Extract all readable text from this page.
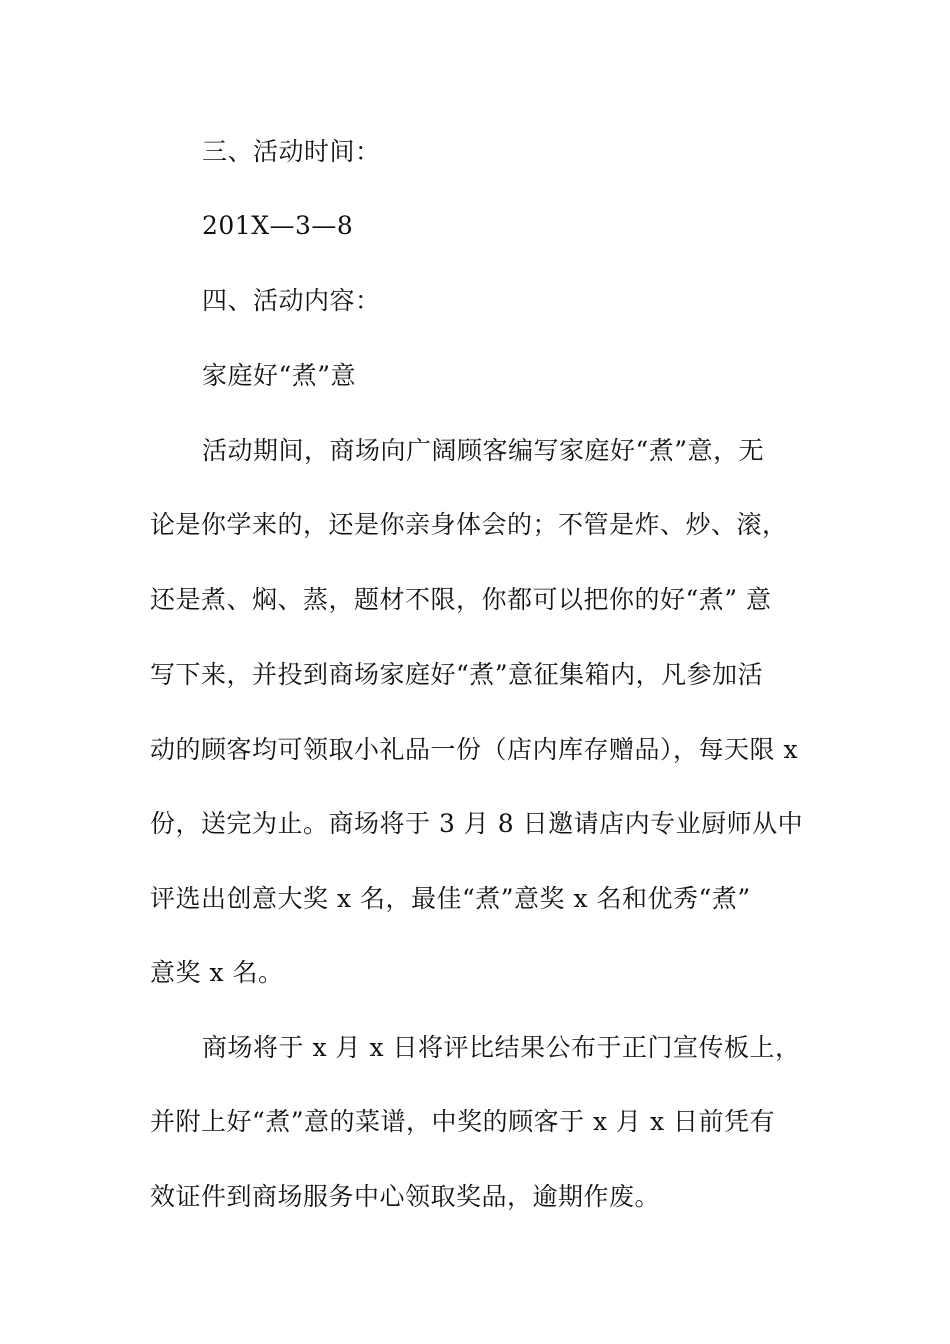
三、活动时间：
201X—3—8
四、活动内容：
家庭好“煮”意
活动期间，商场向广阔顾客编写家庭好“煮”意，无
论是你学来的，还是你亲身体会的；不管是炸、炒、滚，
还是煮、焖、蒸，题材不限，你都可以把你的好“煮” 意
写下来，并投到商场家庭好“煮”意征集箱内，凡参加活
动的顾客均可领取小礼品一份（店内库存赠品），每天限 x
份，送完为止。商场将于 3 月 8 日邀请店内专业厨师从中
评选出创意大奖 x 名，最佳“煮”意奖 x 名和优秀“煮”
意奖 x 名。
商场将于 x 月 x 日将评比结果公布于正门宣传板上，
并附上好“煮”意的菜谱，中奖的顾客于 x 月 x 日前凭有
效证件到商场服务中心领取奖品，逾期作废。
